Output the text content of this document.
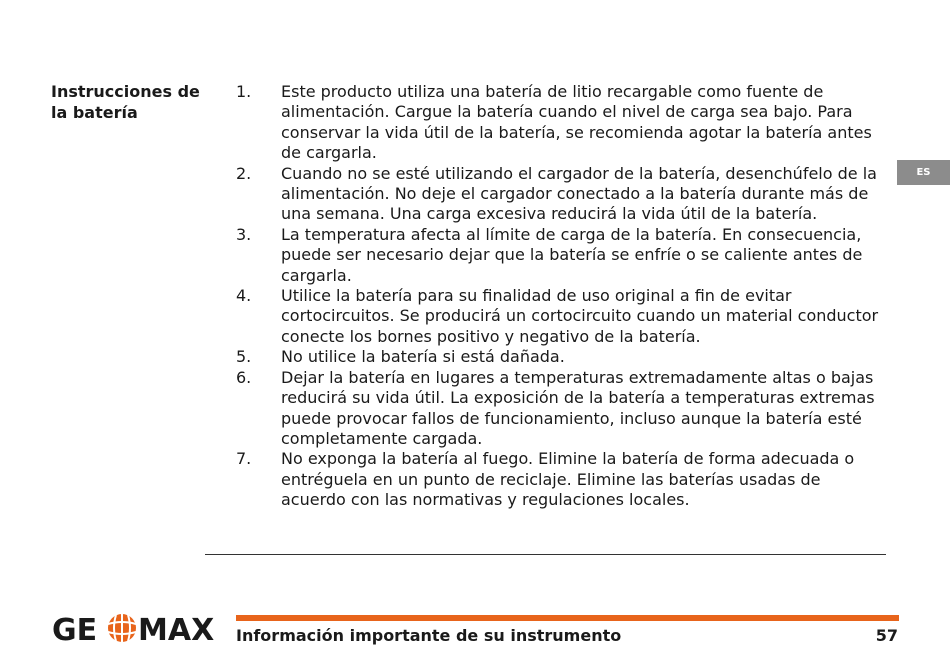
Instrucciones de
la batería
1.	Este producto utiliza una batería de litio recargable como fuente de alimentación. Cargue la batería cuando el nivel de carga sea bajo. Para conservar la vida útil de la batería, se recomienda agotar la batería antes de cargarla.
2.	Cuando no se esté utilizando el cargador de la batería, desenchúfelo de la alimentación. No deje el cargador conectado a la batería durante más de una semana. Una carga excesiva reducirá la vida útil de la batería.
3.	La temperatura afecta al límite de carga de la batería. En consecuencia, puede ser necesario dejar que la batería se enfríe o se caliente antes de cargarla.
4.	Utilice la batería para su finalidad de uso original a fin de evitar cortocircuitos. Se producirá un cortocircuito cuando un material conductor conecte los bornes positivo y negativo de la batería.
5.	No utilice la batería si está dañada.
6.	Dejar la batería en lugares a temperaturas extremadamente altas o bajas reducirá su vida útil. La exposición de la batería a temperaturas extremas puede provocar fallos de funcionamiento, incluso aunque la batería esté completamente cargada.
7.	No exponga la batería al fuego. Elimine la batería de forma adecuada o entréguela en un punto de reciclaje. Elimine las baterías usadas de acuerdo con las normativas y regulaciones locales.
ES
GE MAX Información importante de su instrumento	57
